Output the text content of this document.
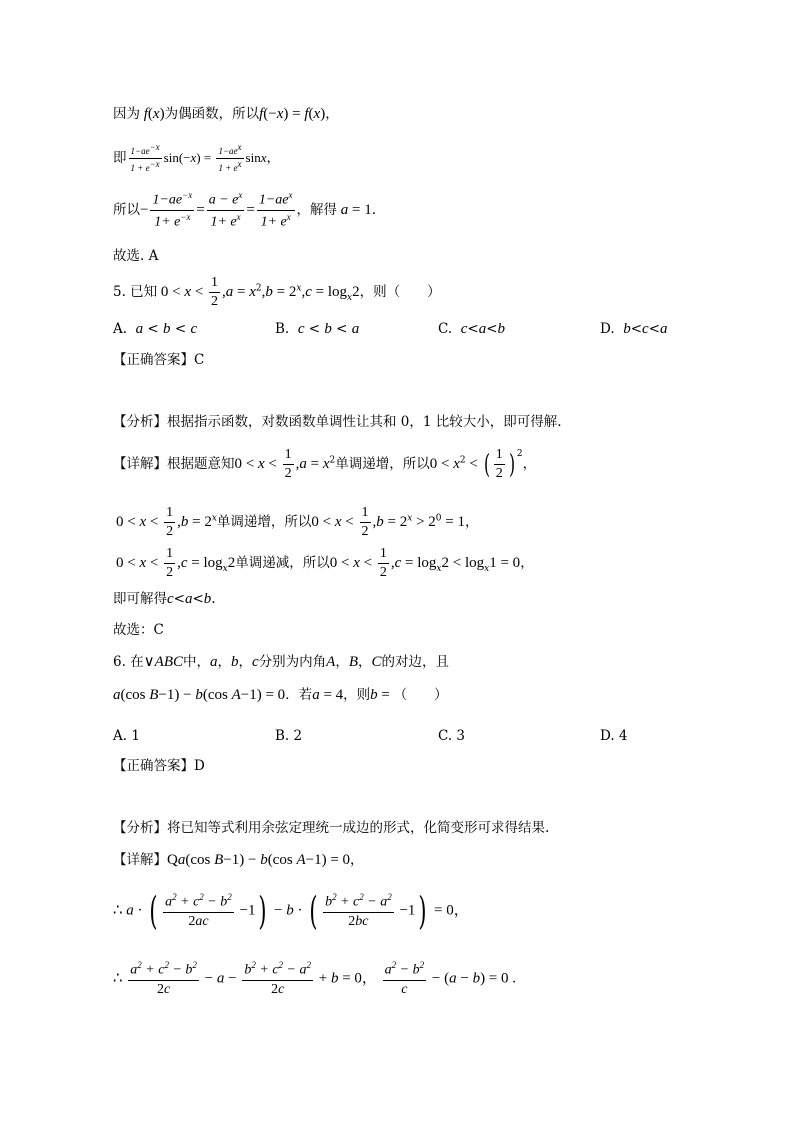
因为 f(x)为偶函数，所以f(−x) = f(x)，
即 $\frac{1-ae^{-x}}{1 + e^{-x}} \sin(-x) = \frac{1-ae^x}{1 + e^x}$ sinx，
所以− $\frac{1-ae^{-x}}{1+ e^{-x}} = \frac{a - e^x}{1+ e^x} = \frac{1-ae^x}{1+ e^x}$ ，解得 a = 1.
故选. A
5. 已知 $0 < x < \frac{1}{2} ,a = x^2,b = 2^x,c = \log_x2$，则（　　）
A. a < b < c	B. c < b < a	C. c<a<b	D. b<c<a
【正确答案】C
【分析】根据指示函数，对数函数单调性让其和 0，1 比较大小，即可得解.
【详解】根据题意知$0 < x < \frac{1}{2} ,a = x^2$单调递增，所以$0 < x^2$ < ( $\frac{1}{2}$ ) $^2$，
$0 < x < \frac{1}{2} ,b = 2^x$单调递增，所以$0 < x < \frac{1}{2} ,b = 2^x > 2^0 = 1$，
$0 < x < \frac{1}{2} ,c = \log_x2$单调递减，所以$0 < x < \frac{1}{2} ,c = \log_x2 < \log_x1 = 0$，
即可解得c<a<b.
故选：C
6. 在∨ABC中，a，b，c分别为内角A，B，C的对边，且
a(cos B−1) − b(cos A−1) = 0．若a = 4，则b = （　　）
A. 1	B. 2	C. 3	D. 4
【正确答案】D
【分析】将已知等式利用余弦定理统一成边的形式，化简变形可求得结果.
【详解】Qa(cos B−1) − b(cos A−1) = 0，
∴ a · ( $\frac{a^2 + c^2 - b^2}{2ac} -1) - b$ · ( $\frac{b^2 + c^2 - a^2}{2bc} -1) = 0$，
∴ $\frac{a^2 + c^2 - b^2}{2c} - a - \frac{b^2 + c^2 - a^2}{2c} + b = 0$， $\frac{a^2 - b^2}{c} - (a - b) = 0$ .
